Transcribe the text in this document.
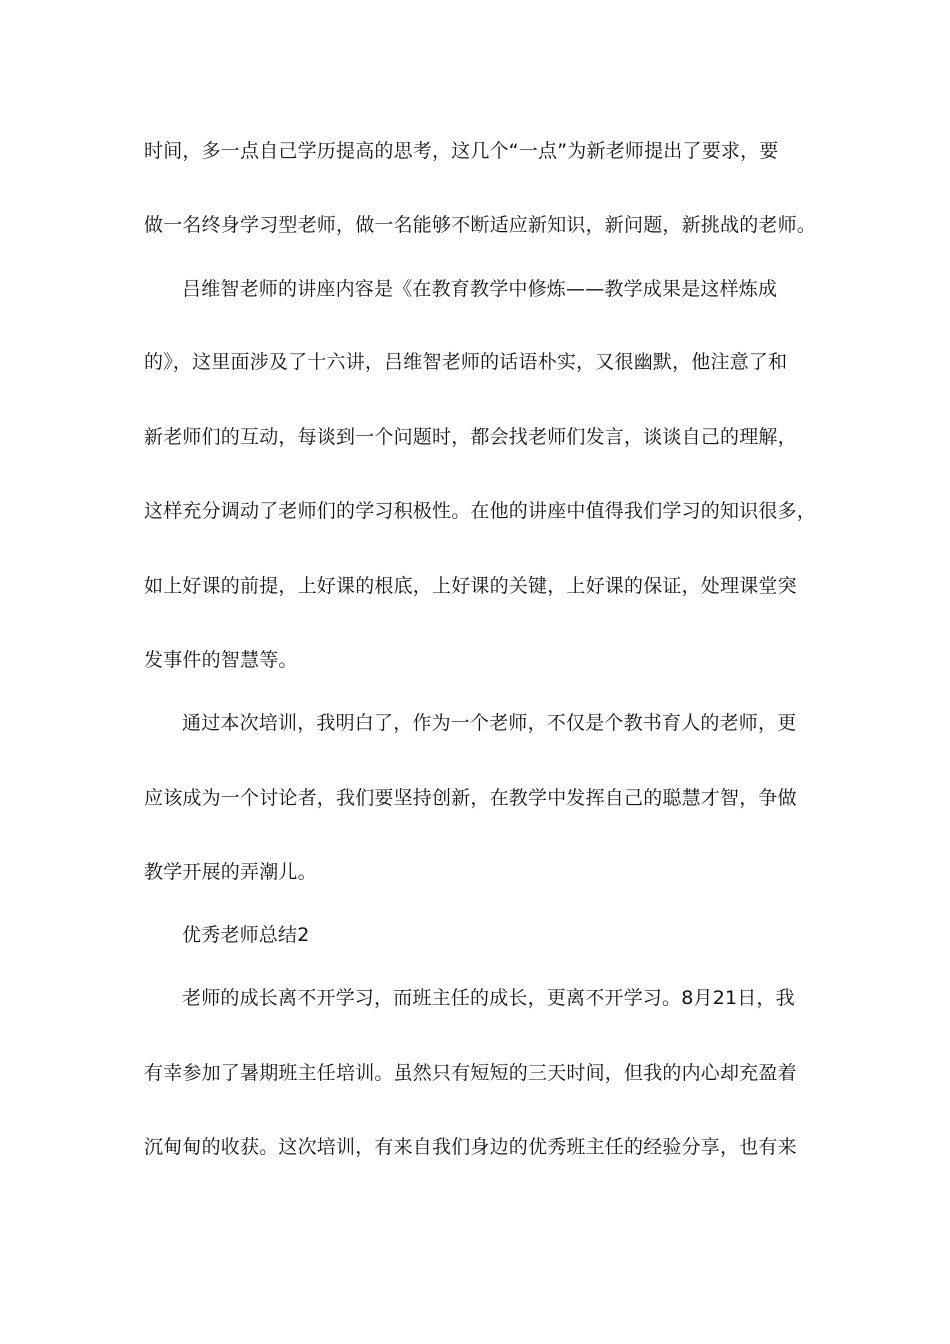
时间，多一点自己学历提高的思考，这几个“一点”为新老师提出了要求，要
做一名终身学习型老师，做一名能够不断适应新知识，新问题，新挑战的老师。
吕维智老师的讲座内容是《在教育教学中修炼——教学成果是这样炼成
的》，这里面涉及了十六讲，吕维智老师的话语朴实，又很幽默，他注意了和
新老师们的互动，每谈到一个问题时，都会找老师们发言，谈谈自己的理解，
这样充分调动了老师们的学习积极性。在他的讲座中值得我们学习的知识很多，
如上好课的前提，上好课的根底，上好课的关键，上好课的保证，处理课堂突
发事件的智慧等。
通过本次培训，我明白了，作为一个老师，不仅是个教书育人的老师，更
应该成为一个讨论者，我们要坚持创新，在教学中发挥自己的聪慧才智，争做
教学开展的弄潮儿。
优秀老师总结2
老师的成长离不开学习，而班主任的成长，更离不开学习。8月21日，我
有幸参加了暑期班主任培训。虽然只有短短的三天时间，但我的内心却充盈着
沉甸甸的收获。这次培训，有来自我们身边的优秀班主任的经验分享，也有来
